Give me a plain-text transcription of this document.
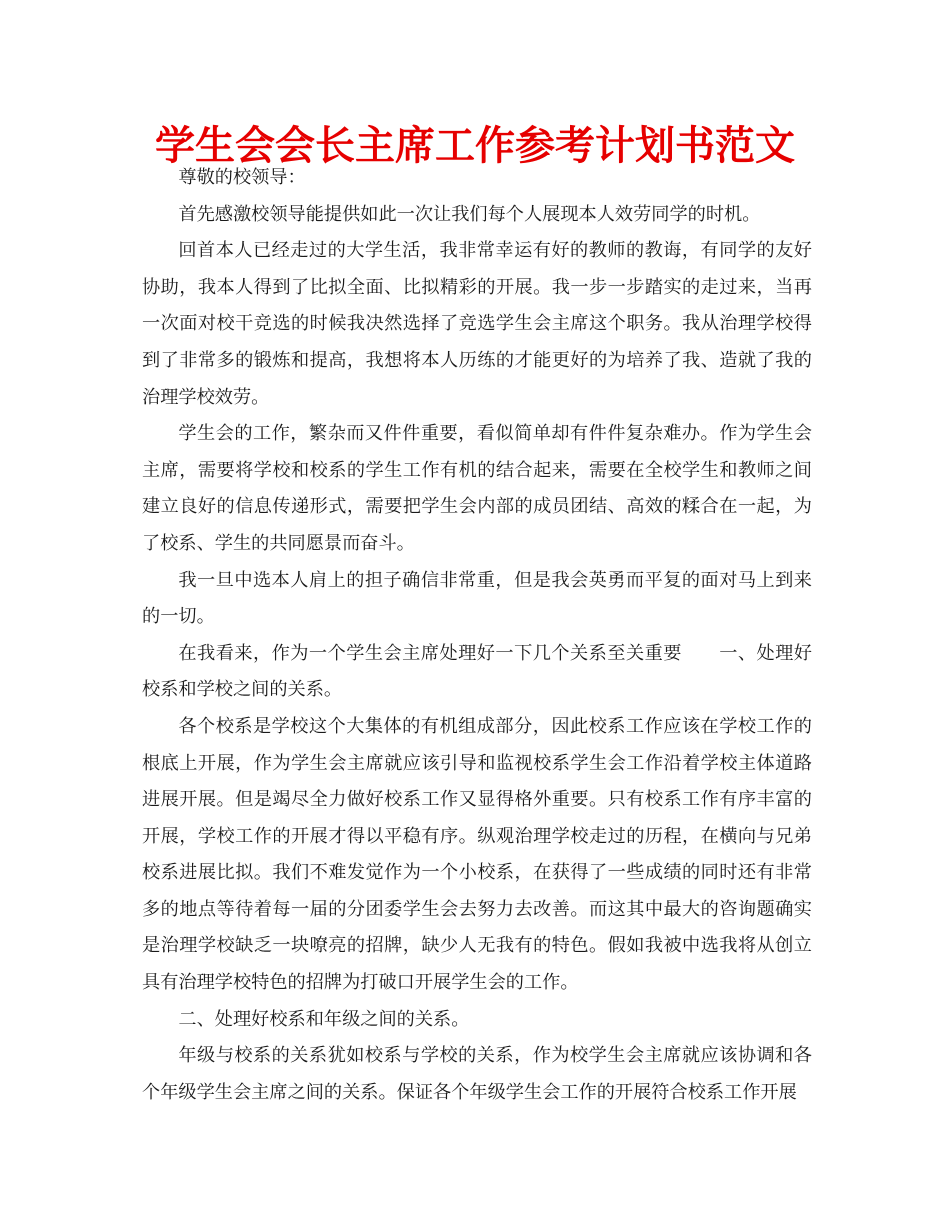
学生会会长主席工作参考计划书范文

尊敬的校领导：

首先感激校领导能提供如此一次让我们每个人展现本人效劳同学的时机。

回首本人已经走过的大学生活，我非常幸运有好的教师的教诲，有同学的友好协助，我本人得到了比拟全面、比拟精彩的开展。我一步一步踏实的走过来，当再一次面对校干竞选的时候我决然选择了竞选学生会主席这个职务。我从治理学校得到了非常多的锻炼和提高，我想将本人历练的才能更好的为培养了我、造就了我的治理学校效劳。

学生会的工作，繁杂而又件件重要，看似简单却有件件复杂难办。作为学生会主席，需要将学校和校系的学生工作有机的结合起来，需要在全校学生和教师之间建立良好的信息传递形式，需要把学生会内部的成员团结、高效的糅合在一起，为了校系、学生的共同愿景而奋斗。

我一旦中选本人肩上的担子确信非常重，但是我会英勇而平复的面对马上到来的一切。

在我看来，作为一个学生会主席处理好一下几个关系至关重要　　一、处理好校系和学校之间的关系。

各个校系是学校这个大集体的有机组成部分，因此校系工作应该在学校工作的根底上开展，作为学生会主席就应该引导和监视校系学生会工作沿着学校主体道路进展开展。但是竭尽全力做好校系工作又显得格外重要。只有校系工作有序丰富的开展，学校工作的开展才得以平稳有序。纵观治理学校走过的历程，在横向与兄弟校系进展比拟。我们不难发觉作为一个小校系，在获得了一些成绩的同时还有非常多的地点等待着每一届的分团委学生会去努力去改善。而这其中最大的咨询题确实是治理学校缺乏一块嘹亮的招牌，缺少人无我有的特色。假如我被中选我将从创立具有治理学校特色的招牌为打破口开展学生会的工作。

二、处理好校系和年级之间的关系。

年级与校系的关系犹如校系与学校的关系，作为校学生会主席就应该协调和各个年级学生会主席之间的关系。保证各个年级学生会工作的开展符合校系工作开展
